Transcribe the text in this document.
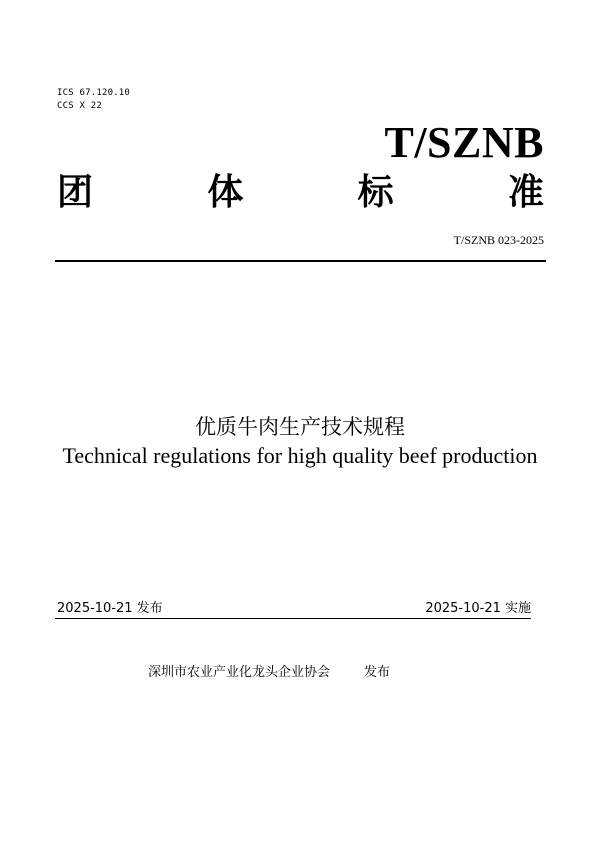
ICS 67.120.10
CCS X 22
T/SZNB
团	体	标	准
T/SZNB 023-2025
优质牛肉生产技术规程
Technical regulations for high quality beef production
2025-10-21 发布	2025-10-21 实施
深圳市农业产业化龙头企业协会	发布
